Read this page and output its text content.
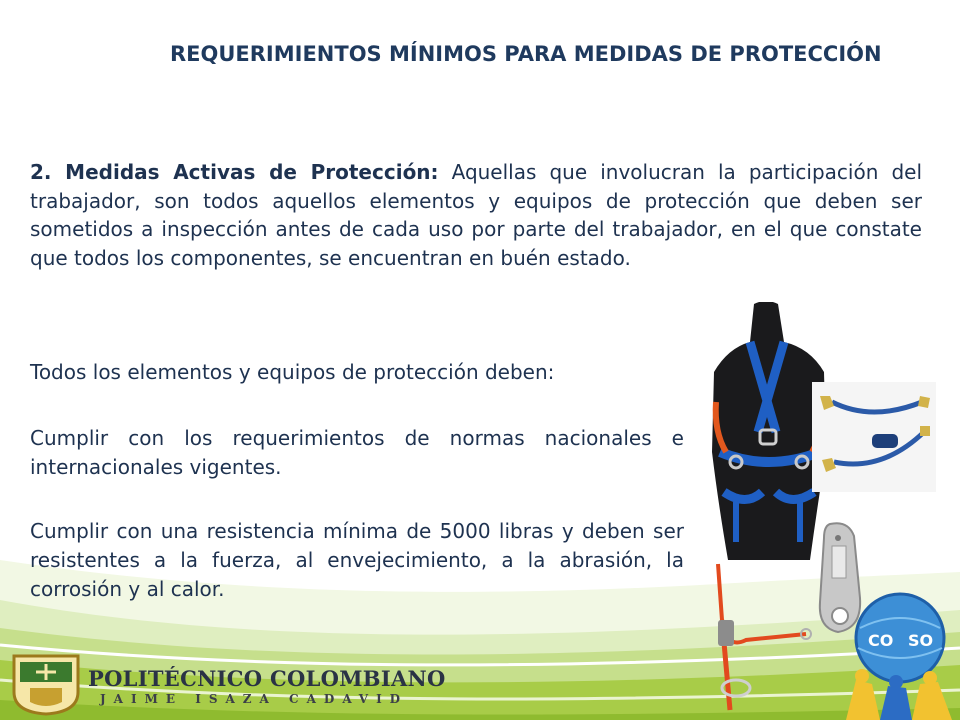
REQUERIMIENTOS MÍNIMOS PARA MEDIDAS DE PROTECCIÓN

2. Medidas Activas de Protección: Aquellas que involucran la participación del trabajador, son todos aquellos elementos y equipos de protección que deben ser sometidos a inspección antes de cada uso por parte del trabajador, en el que constate que todos los componentes, se encuentran en buén estado.

Todos los elementos y equipos de protección deben:

Cumplir con los requerimientos de normas nacionales e internacionales vigentes.

Cumplir con una resistencia mínima de 5000 libras y deben ser resistentes a la fuerza, al envejecimiento, a la abrasión, la corrosión y al calor.

CO SO
POLITÉCNICO COLOMBIANO
JAIME ISAZA CADAVID
